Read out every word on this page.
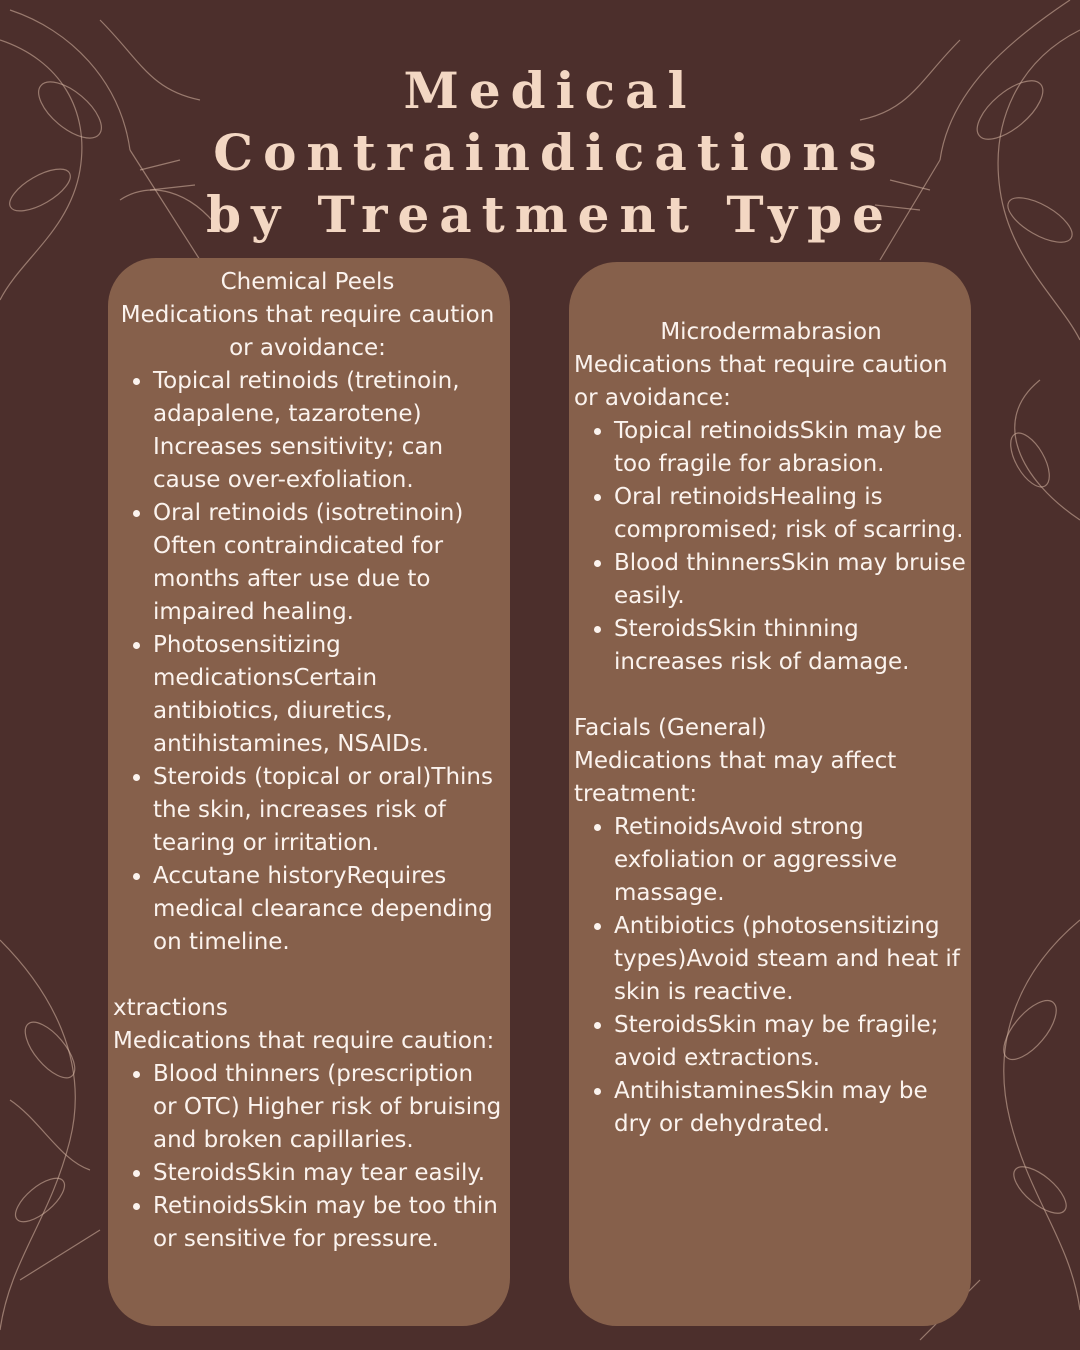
Medical
Contraindications
by Treatment Type

Chemical Peels

Medications that require caution or avoidance:

• Topical retinoids (tretinoin, adapalene, tazarotene) Increases sensitivity; can cause over-exfoliation.
• Oral retinoids (isotretinoin) Often contraindicated for months after use due to impaired healing.
• Photosensitizing medicationsCertain antibiotics, diuretics, antihistamines, NSAIDs.
• Steroids (topical or oral)Thins the skin, increases risk of tearing or irritation.
• Accutane historyRequires medical clearance depending on timeline.

xtractions

Medications that require caution:

• Blood thinners (prescription or OTC) Higher risk of bruising and broken capillaries.
• SteroidsSkin may tear easily.
• RetinoidsSkin may be too thin or sensitive for pressure.

Microdermabrasion

Medications that require caution or avoidance:

• Topical retinoidsSkin may be too fragile for abrasion.
• Oral retinoidsHealing is compromised; risk of scarring.
• Blood thinnersSkin may bruise easily.
• SteroidsSkin thinning increases risk of damage.

Facials (General)

Medications that may affect treatment:

• RetinoidsAvoid strong exfoliation or aggressive massage.
• Antibiotics (photosensitizing types)Avoid steam and heat if skin is reactive.
• SteroidsSkin may be fragile; avoid extractions.
• AntihistaminesSkin may be dry or dehydrated.
